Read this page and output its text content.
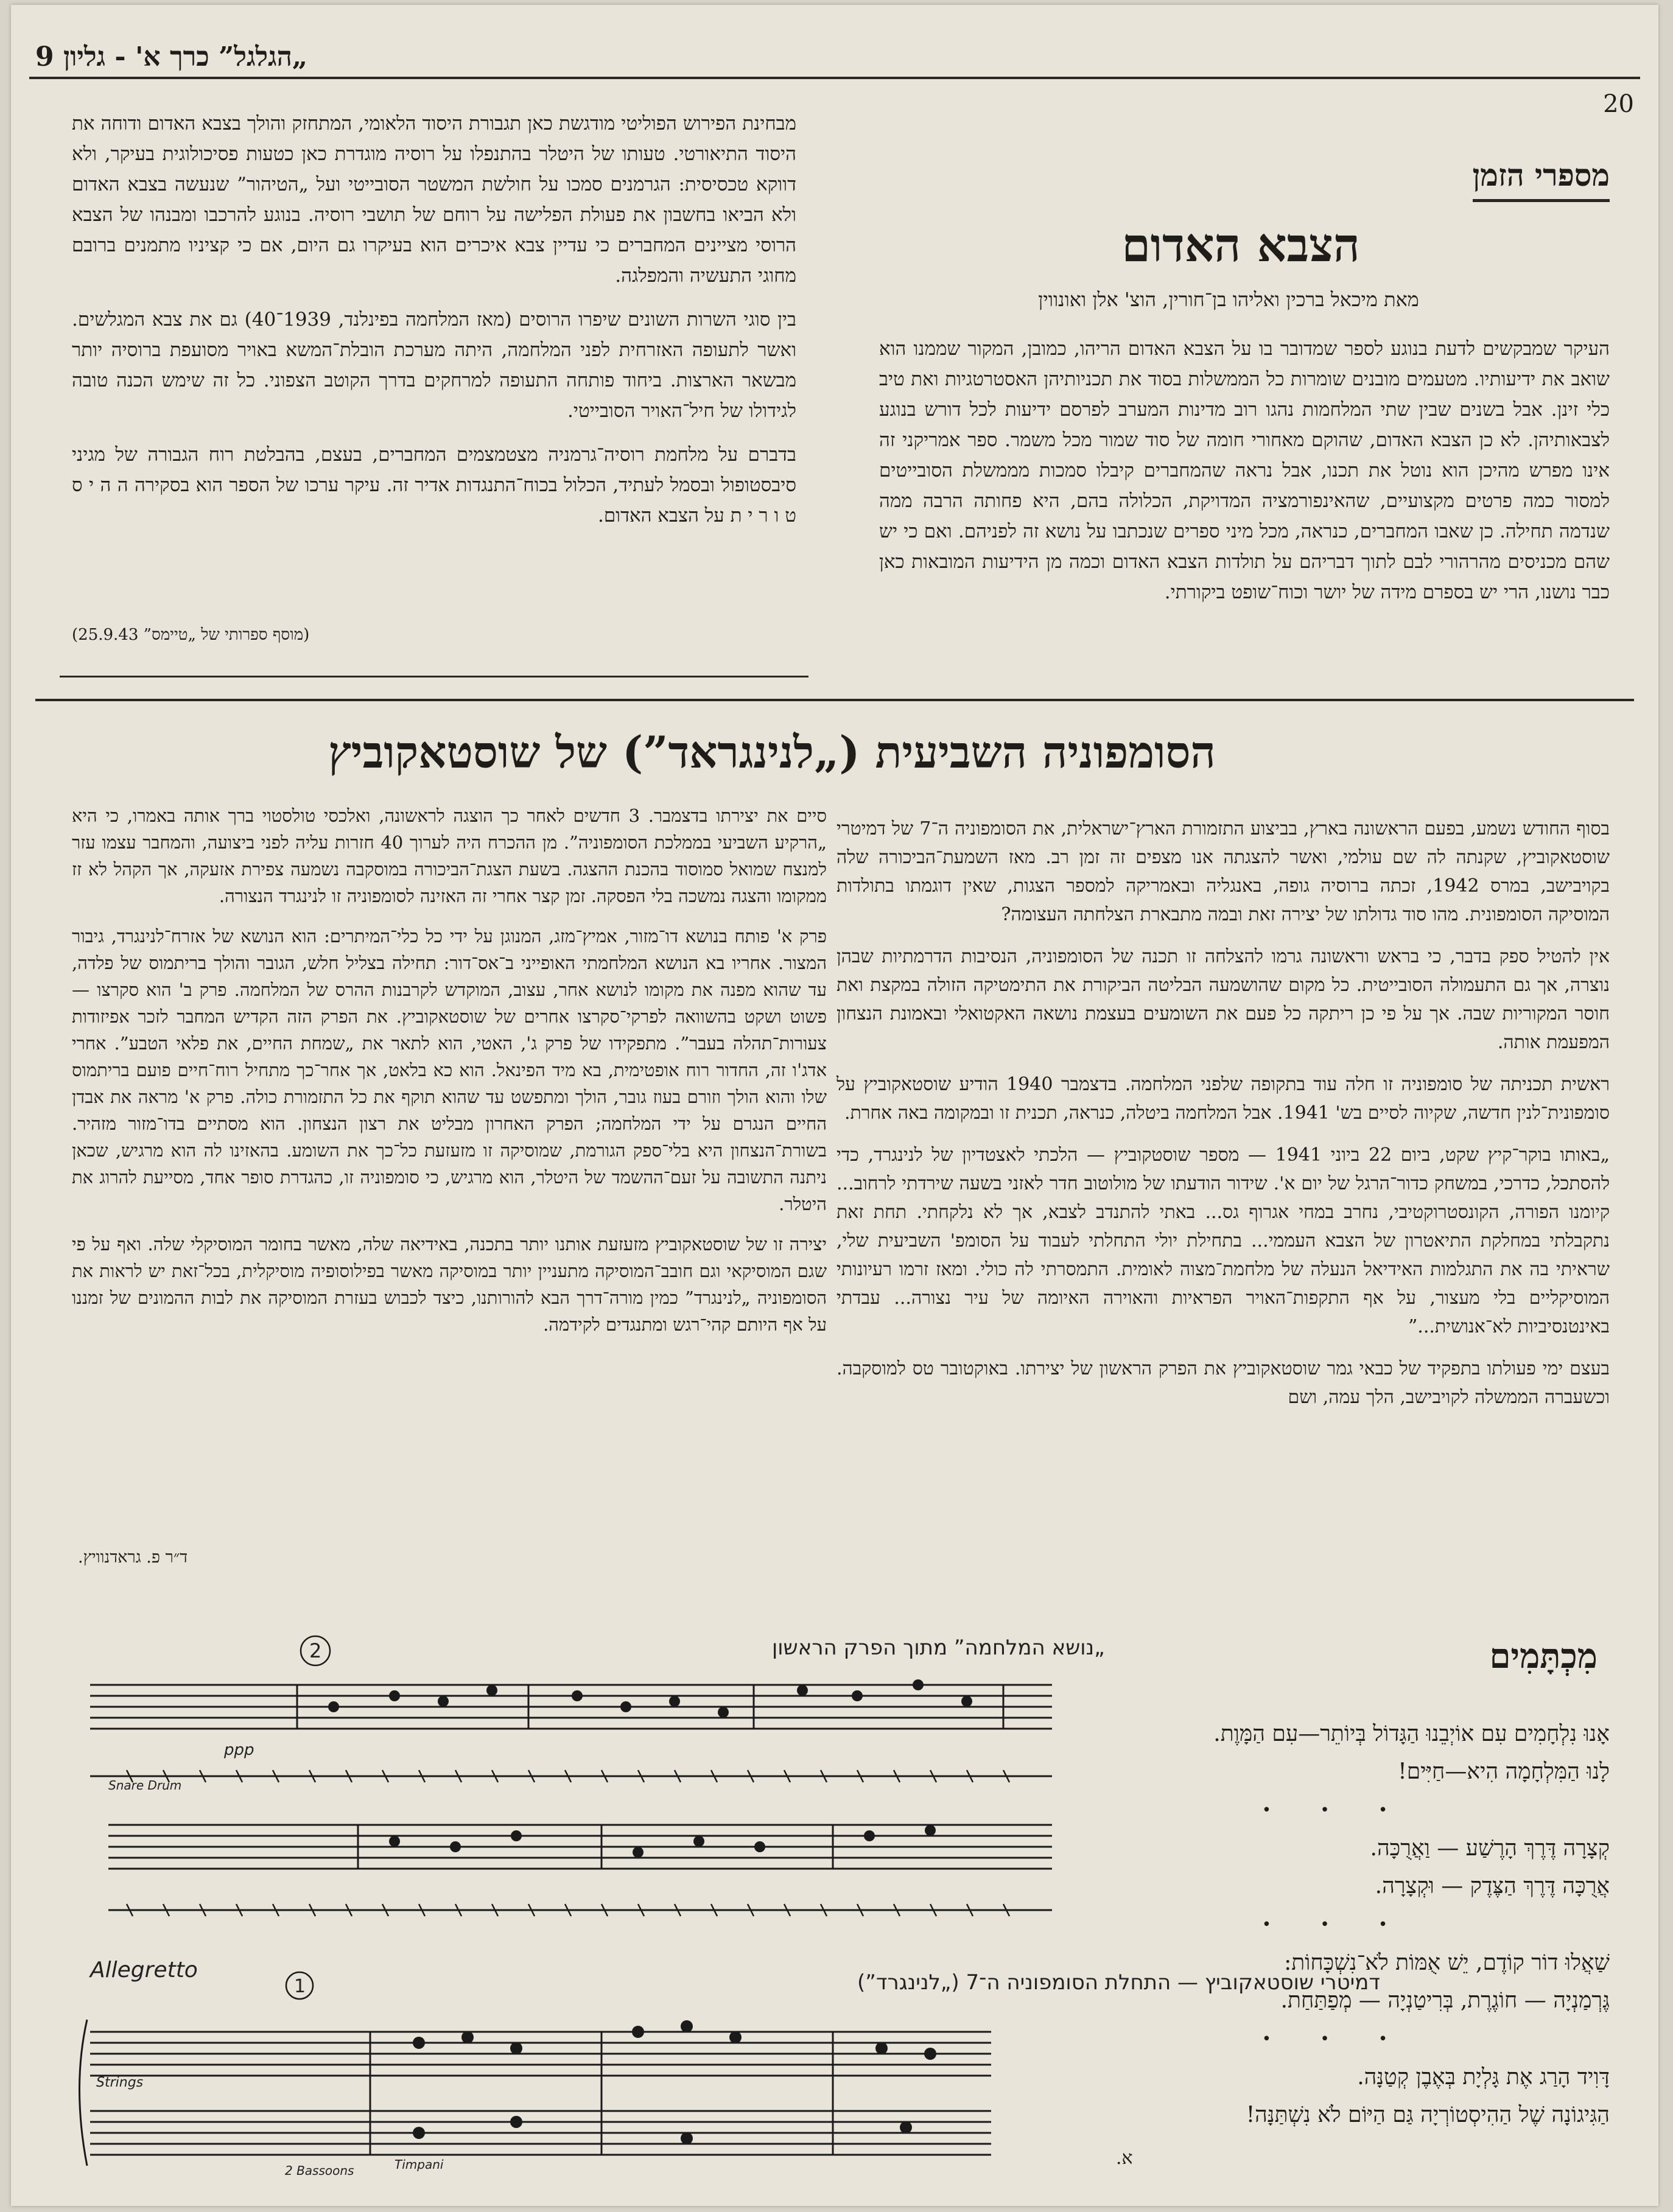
„הגלגל” כרך א' - גליון 9
20
מספרי הזמן
הצבא האדום
מאת מיכאל ברכין ואליהו בן־חורין, הוצ' אלן ואונווין

העיקר שמבקשים לדעת בנוגע לספר שמדובר בו על הצבא האדום הריהו, כמובן, המקור שממנו הוא שואב את ידיעותיו. מטעמים מובנים שומרות כל הממשלות בסוד את תכניותיהן האסטרטגיות ואת טיב כלי זינן. אבל בשנים שבין שתי המלחמות נהגו רוב מדינות המערב לפרסם ידיעות לכל דורש בנוגע לצבאותיהן. לא כן הצבא האדום, שהוקם מאחורי חומה של סוד שמור מכל משמר. ספר אמריקני זה אינו מפרש מהיכן הוא נוטל את תכנו, אבל נראה שהמחברים קיבלו סמכות מממשלת הסובייטים למסור כמה פרטים מקצועיים, שהאינפורמציה המדויקת, הכלולה בהם, היא פחותה הרבה ממה שנדמה תחילה. כן שאבו המחברים, כנראה, מכל מיני ספרים שנכתבו על נושא זה לפניהם. ואם כי יש שהם מכניסים מהרהורי לבם לתוך דבריהם על תולדות הצבא האדום וכמה מן הידיעות המובאות כאן כבר נושנו, הרי יש בספרם מידה של יושר וכוח־שופט ביקורתי.

מבחינת הפירוש הפוליטי מודגשת כאן תגבורת היסוד הלאומי, המתחזק והולך בצבא האדום ודוחה את היסוד התיאורטי. טעותו של היטלר בהתנפלו על רוסיה מוגדרת כאן כטעות פסיכולוגית בעיקר, ולא דווקא טכסיסית: הגרמנים סמכו על חולשת המשטר הסובייטי ועל „הטיהור” שנעשה בצבא האדום ולא הביאו בחשבון את פעולת הפלישה על רוחם של תושבי רוסיה. בנוגע להרכבו ומבנהו של הצבא הרוסי מציינים המחברים כי עדיין צבא איכרים הוא בעיקרו גם היום, אם כי קציניו מתמנים ברובם מחוגי התעשיה והמפלגה.

בין סוגי השרות השונים שיפרו הרוסים (מאז המלחמה בפינלנד, 1939־40) גם את צבא המגלשים. ואשר לתעופה האזרחית לפני המלחמה, היתה מערכת הובלת־המשא באויר מסועפת ברוסיה יותר מבשאר הארצות. ביחוד פותחה התעופה למרחקים בדרך הקוטב הצפוני. כל זה שימש הכנה טובה לגידולו של חיל־האויר הסובייטי.

בדברם על מלחמת רוסיה־גרמניה מצטמצמים המחברים, בעצם, בהבלטת רוח הגבורה של מגיני סיבסטופול ובסמל לעתיד, הכלול בכוח־התנגדות אדיר זה. עיקר ערכו של הספר הוא בסקירה ה ה י ס ט ו ר י ת על הצבא האדום.

(מוסף ספרותי של „טיימס” 25.9.43)
הסומפוניה השביעית („לנינגראד”) של שוסטאקוביץ

בסוף החודש נשמע, בפעם הראשונה בארץ, בביצוע התזמורת הארץ־ישראלית, את הסומפוניה ה־7 של דמיטרי שוסטאקוביץ, שקנתה לה שם עולמי, ואשר להצגתה אנו מצפים זה זמן רב. מאז השמעת־הביכורה שלה בקויבישב, במרס 1942, זכתה ברוסיה גופה, באנגליה ובאמריקה למספר הצגות, שאין דוגמתו בתולדות המוסיקה הסומפונית. מהו סוד גדולתו של יצירה זאת ובמה מתבארת הצלחתה העצומה?

אין להטיל ספק בדבר, כי בראש וראשונה גרמו להצלחה זו תכנה של הסומפוניה, הנסיבות הדרמתיות שבהן נוצרה, אך גם התעמולה הסובייטית. כל מקום שהושמעה הבליטה הביקורת את התימטיקה הזולה במקצת ואת חוסר המקוריות שבה. אך על פי כן ריתקה כל פעם את השומעים בעצמת נושאה האקטואלי ובאמונת הנצחון המפעמת אותה.

ראשית תכניתה של סומפוניה זו חלה עוד בתקופה שלפני המלחמה. בדצמבר 1940 הודיע שוסטאקוביץ על סומפונית־לנין חדשה, שקיוה לסיים בש' 1941. אבל המלחמה ביטלה, כנראה, תכנית זו ובמקומה באה אחרת.

„באותו בוקר־קיץ שקט, ביום 22 ביוני 1941 — מספר שוסטקוביץ — הלכתי לאצטדיון של לנינגרד, כדי להסתכל, כדרכי, במשחק כדור־הרגל של יום א'. שידור הודעתו של מולוטוב חדר לאזני בשעה שירדתי לרחוב... קיומנו הפורה, הקונסטרוקטיבי, נחרב במחי אגרוף גס... באתי להתנדב לצבא, אך לא נלקחתי. תחת זאת נתקבלתי במחלקת התיאטרון של הצבא העממי... בתחילת יולי התחלתי לעבוד על הסומפ' השביעית שלי, שראיתי בה את התגלמות האידיאל הנעלה של מלחמת־מצוה לאומית. התמסרתי לה כולי. ומאז זרמו רעיונותי המוסיקליים בלי מעצור, על אף התקפות־האויר הפראיות והאוירה האיומה של עיר נצורה... עבדתי באינטנסיביות לא־אנושית...”

בעצם ימי פעולתו בתפקיד של כבאי גמר שוסטאקוביץ את הפרק הראשון של יצירתו. באוקטובר טס למוסקבה. וכשעברה הממשלה לקויבישב, הלך עמה, ושם

סיים את יצירתו בדצמבר. 3 חדשים לאחר כך הוצגה לראשונה, ואלכסי טולסטוי ברך אותה באמרו, כי היא „הרקיע השביעי בממלכת הסומפוניה”. מן ההכרח היה לערוך 40 חזרות עליה לפני ביצועה, והמחבר עצמו עזר למנצח שמואל סמוסוד בהכנת ההצגה. בשעת הצגת־הביכורה במוסקבה נשמעה צפירת אזעקה, אך הקהל לא זז ממקומו והצגה נמשכה בלי הפסקה. זמן קצר אחרי זה האזינה לסומפוניה זו לנינגרד הנצורה.

פרק א' פותח בנושא דו־מזור, אמיץ־מזג, המנוגן על ידי כל כלי־המיתרים: הוא הנושא של אזרח־לנינגרד, גיבור המצור. אחריו בא הנושא המלחמתי האופייני ב־אס־דור: תחילה בצליל חלש, הגובר והולך בריתמוס של פלדה, עד שהוא מפנה את מקומו לנושא אחר, עצוב, המוקדש לקרבנות ההרס של המלחמה. פרק ב' הוא סקרצו — פשוט ושקט בהשוואה לפרקי־סקרצו אחרים של שוסטאקוביץ. את הפרק הזה הקדיש המחבר לזכר אפיזודות צעורות־תהלה בעבר”. מתפקידו של פרק ג', האטי, הוא לתאר את „שמחת החיים, את פלאי הטבע”. אחרי אדג'ו זה, החדור רוח אופטימית, בא מיד הפינאל. הוא כא בלאט, אך אחר־כך מתחיל רוח־חיים פועם בריתמוס שלו והוא הולך וזורם בעוז גובר, הולך ומתפשט עד שהוא תוקף את כל התזמורת כולה. פרק א' מראה את אבדן החיים הנגרם על ידי המלחמה; הפרק האחרון מבליט את רצון הנצחון. הוא מסתיים בדו־מזור מזהיר. בשורת־הנצחון היא בלי־ספק הגורמת, שמוסיקה זו מזעזעת כל־כך את השומע. בהאזינו לה הוא מרגיש, שכאן ניתנה התשובה על זעם־ההשמד של היטלר, הוא מרגיש, כי סומפוניה זו, כהגדרת סופר אחד, מסייעת להרוג את היטלר.

יצירה זו של שוסטאקוביץ מזעזעת אותנו יותר בתכנה, באידיאה שלה, מאשר בחומר המוסיקלי שלה. ואף על פי שגם המוסיקאי וגם חובב־המוסיקה מתעניין יותר במוסיקה מאשר בפילוסופיה מוסיקלית, בכל־זאת יש לראות את הסומפוניה „לנינגרד” כמין מורה־דרך הבא להורותנו, כיצד לכבוש בעזרת המוסיקה את לבות ההמונים של זמננו על אף היותם קהי־רגש ומתנגדים לקידמה.

ד״ר פ. גראדנוויץ.
„נושא המלחמה” מתוך הפרק הראשון
דמיטרי שוסטאקוביץ — התחלת הסומפוניה ה־7 („לנינגרד”)
Allegretto
2
1
ppp
Strings
Snare Drum
2 Bassoons	Timpani
מִכְתָּמִים

אָנוּ נִלְחָמִים עִם אוֹיְבֵנוּ הַגָּדוֹל בְּיוֹתֵר—עִם הַמָּוֶת.

לָנוּ הַמִּלְחָמָה הִיא—חַיִּים!

• • •

קְצָרָה דֶּרֶךְ הָרֶשַׁע — וַאֲרֻכָּה.

אֲרֻכָּה דֶּרֶךְ הַצֶּדֶק — וּקְצָרָה.

• • •

שַׁאֲלוּ דוֹר קוֹדֶם, יֵשׁ אֻמּוֹת לֹא־נִשְׁכָּחוֹת:

גֶּרְמַנְיָה — חוֹגֶרֶת, בְּרִיטַנְיָה — מְפַתַּחַת.

• • •

דָּוִיד הָרַג אֶת גָּלְיָת בְּאֶבֶן קְטַנָּה.

הַגִּיגוֹנָה שֶׁל הַהִיסְטוֹרְיָה גַּם הַיּוֹם לֹא נִשְׁתַּנָּה!

א.
